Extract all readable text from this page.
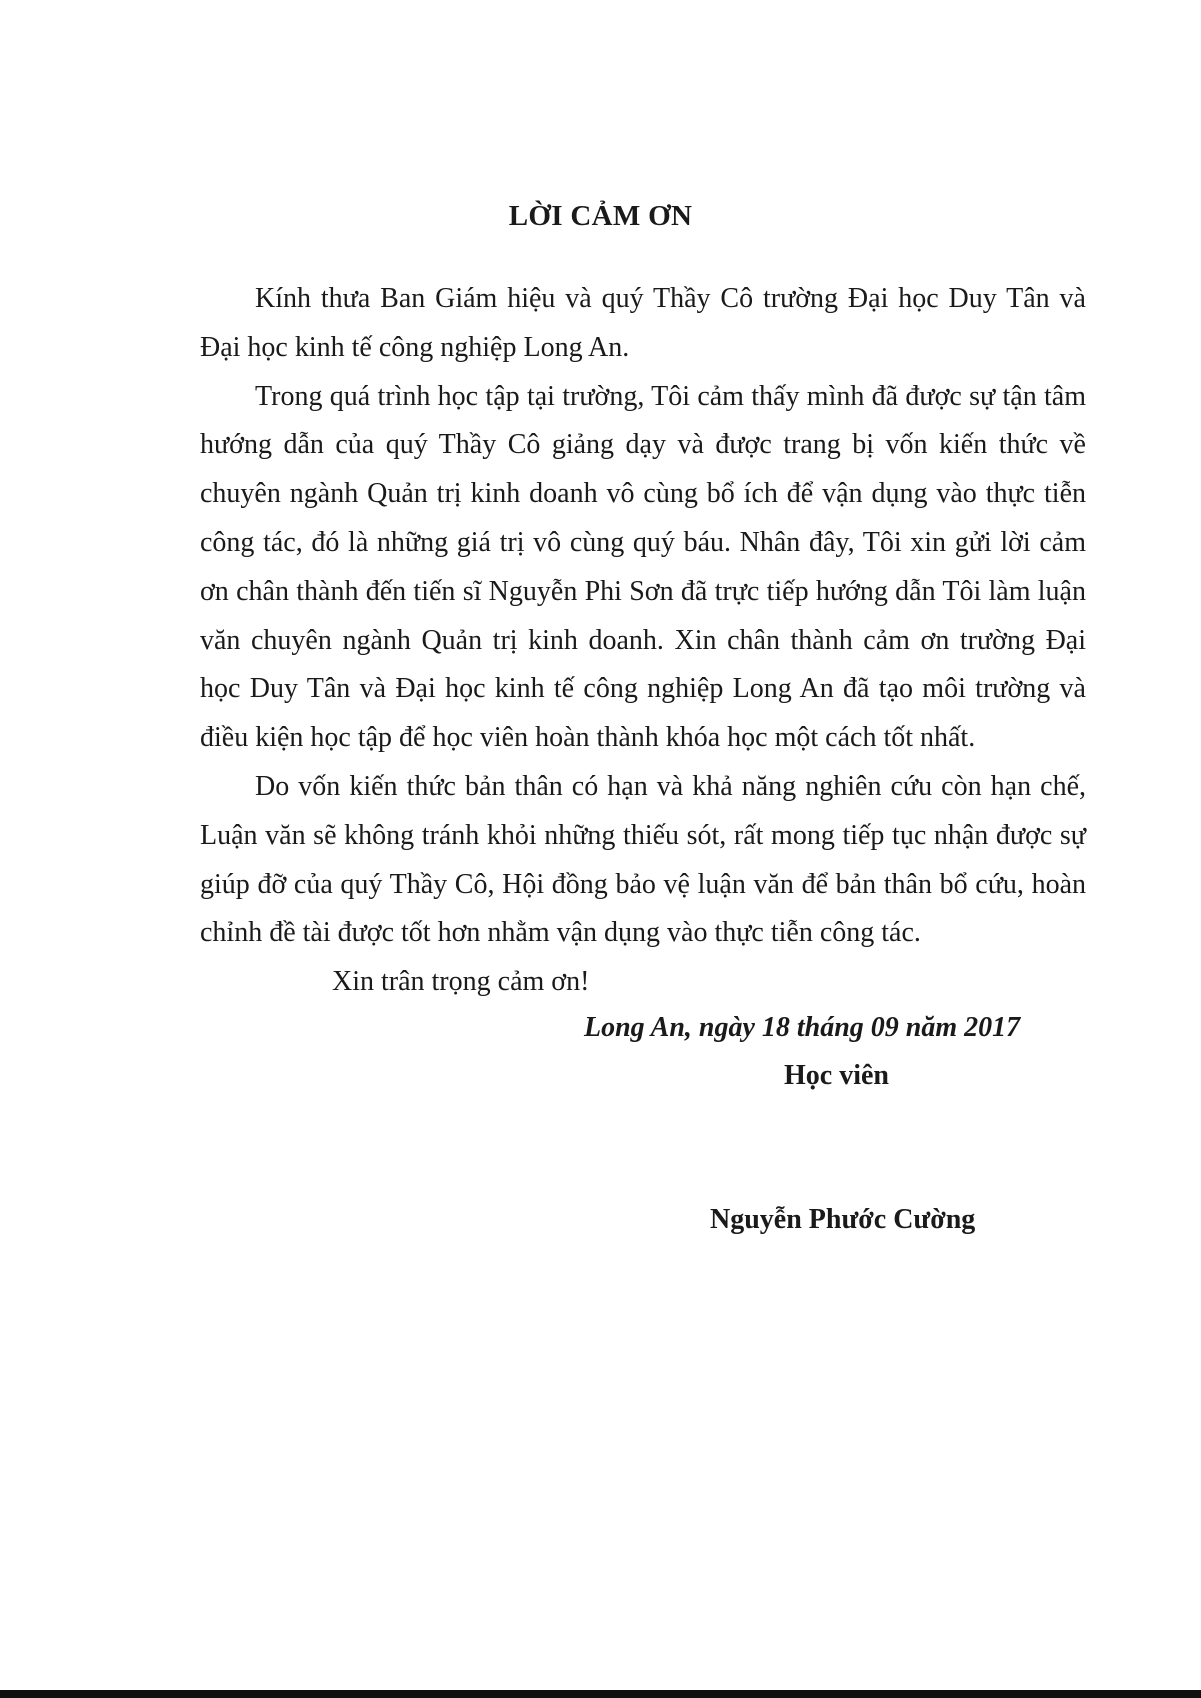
LỜI CẢM ƠN

Kính thưa Ban Giám hiệu và quý Thầy Cô trường Đại học Duy Tân và Đại học kinh tế công nghiệp Long An.

Trong quá trình học tập tại trường, Tôi cảm thấy mình đã được sự tận tâm hướng dẫn của quý Thầy Cô giảng dạy và được trang bị vốn kiến thức về chuyên ngành Quản trị kinh doanh vô cùng bổ ích để vận dụng vào thực tiễn công tác, đó là những giá trị vô cùng quý báu. Nhân đây, Tôi xin gửi lời cảm ơn chân thành đến tiến sĩ Nguyễn Phi Sơn đã trực tiếp hướng dẫn Tôi làm luận văn chuyên ngành Quản trị kinh doanh. Xin chân thành cảm ơn trường Đại học Duy Tân và Đại học kinh tế công nghiệp Long An đã tạo môi trường và điều kiện học tập để học viên hoàn thành khóa học một cách tốt nhất.

Do vốn kiến thức bản thân có hạn và khả năng nghiên cứu còn hạn chế, Luận văn sẽ không tránh khỏi những thiếu sót, rất mong tiếp tục nhận được sự giúp đỡ của quý Thầy Cô, Hội đồng bảo vệ luận văn để bản thân bổ cứu, hoàn chỉnh đề tài được tốt hơn nhằm vận dụng vào thực tiễn công tác.

Xin trân trọng cảm ơn!

Long An, ngày 18 tháng 09 năm 2017
Học viên
Nguyễn Phước Cường
